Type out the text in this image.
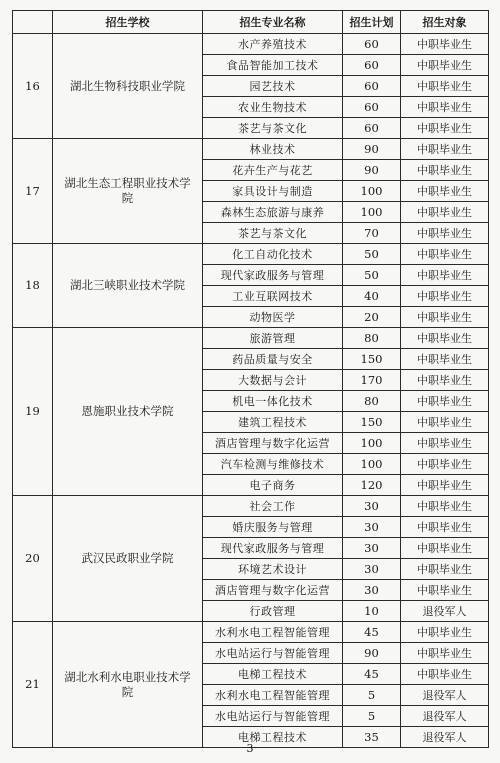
	招生学校	招生专业名称	招生计划	招生对象
16	湖北生物科技职业学院	水产养殖技术	60	中职毕业生
		食品智能加工技术	60	中职毕业生
		园艺技术	60	中职毕业生
		农业生物技术	60	中职毕业生
		茶艺与茶文化	60	中职毕业生
17	湖北生态工程职业技术学院	林业技术	90	中职毕业生
		花卉生产与花艺	90	中职毕业生
		家具设计与制造	100	中职毕业生
		森林生态旅游与康养	100	中职毕业生
		茶艺与茶文化	70	中职毕业生
18	湖北三峡职业技术学院	化工自动化技术	50	中职毕业生
		现代家政服务与管理	50	中职毕业生
		工业互联网技术	40	中职毕业生
		动物医学	20	中职毕业生
19	恩施职业技术学院	旅游管理	80	中职毕业生
		药品质量与安全	150	中职毕业生
		大数据与会计	170	中职毕业生
		机电一体化技术	80	中职毕业生
		建筑工程技术	150	中职毕业生
		酒店管理与数字化运营	100	中职毕业生
		汽车检测与维修技术	100	中职毕业生
		电子商务	120	中职毕业生
20	武汉民政职业学院	社会工作	30	中职毕业生
		婚庆服务与管理	30	中职毕业生
		现代家政服务与管理	30	中职毕业生
		环境艺术设计	30	中职毕业生
		酒店管理与数字化运营	30	中职毕业生
		行政管理	10	退役军人
21	湖北水利水电职业技术学院	水利水电工程智能管理	45	中职毕业生
		水电站运行与智能管理	90	中职毕业生
		电梯工程技术	45	中职毕业生
		水利水电工程智能管理	5	退役军人
		水电站运行与智能管理	5	退役军人
		电梯工程技术	35	退役军人
3
